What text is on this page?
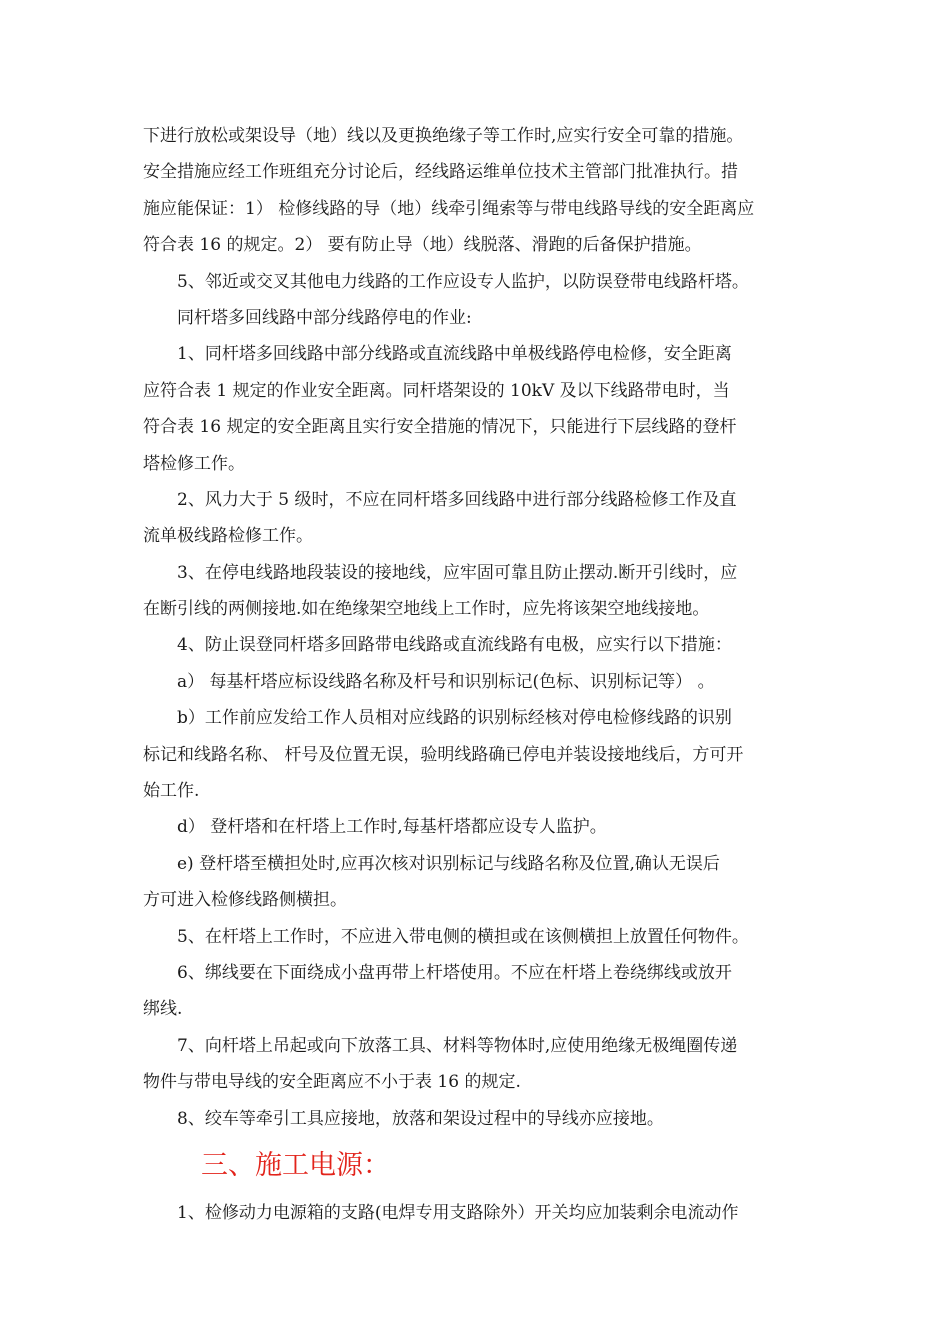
下进行放松或架设导（地）线以及更换绝缘子等工作时,应实行安全可靠的措施。
安全措施应经工作班组充分讨论后，经线路运维单位技术主管部门批准执行。措
施应能保证：1） 检修线路的导（地）线牵引绳索等与带电线路导线的安全距离应
符合表 16 的规定。2） 要有防止导（地）线脱落、滑跑的后备保护措施。
5、邻近或交叉其他电力线路的工作应设专人监护，以防误登带电线路杆塔。
同杆塔多回线路中部分线路停电的作业:
1、同杆塔多回线路中部分线路或直流线路中单极线路停电检修，安全距离
应符合表 1 规定的作业安全距离。同杆塔架设的 10kV 及以下线路带电时，当
符合表 16 规定的安全距离且实行安全措施的情况下，只能进行下层线路的登杆
塔检修工作。
2、风力大于 5 级时，不应在同杆塔多回线路中进行部分线路检修工作及直
流单极线路检修工作。
3、在停电线路地段装设的接地线，应牢固可靠且防止摆动.断开引线时，应
在断引线的两侧接地.如在绝缘架空地线上工作时，应先将该架空地线接地。
4、防止误登同杆塔多回路带电线路或直流线路有电极，应实行以下措施：
a） 每基杆塔应标设线路名称及杆号和识别标记(色标、识别标记等） 。
b）工作前应发给工作人员相对应线路的识别标经核对停电检修线路的识别
标记和线路名称、 杆号及位置无误，验明线路确已停电并装设接地线后，方可开
始工作.
d） 登杆塔和在杆塔上工作时,每基杆塔都应设专人监护。
e) 登杆塔至横担处时,应再次核对识别标记与线路名称及位置,确认无误后
方可进入检修线路侧横担。
5、在杆塔上工作时，不应进入带电侧的横担或在该侧横担上放置任何物件。
6、绑线要在下面绕成小盘再带上杆塔使用。不应在杆塔上卷绕绑线或放开
绑线.
7、向杆塔上吊起或向下放落工具、材料等物体时,应使用绝缘无极绳圈传递
物件与带电导线的安全距离应不小于表 16 的规定.
8、绞车等牵引工具应接地，放落和架设过程中的导线亦应接地。
三、施工电源：
1、检修动力电源箱的支路(电焊专用支路除外）开关均应加装剩余电流动作
